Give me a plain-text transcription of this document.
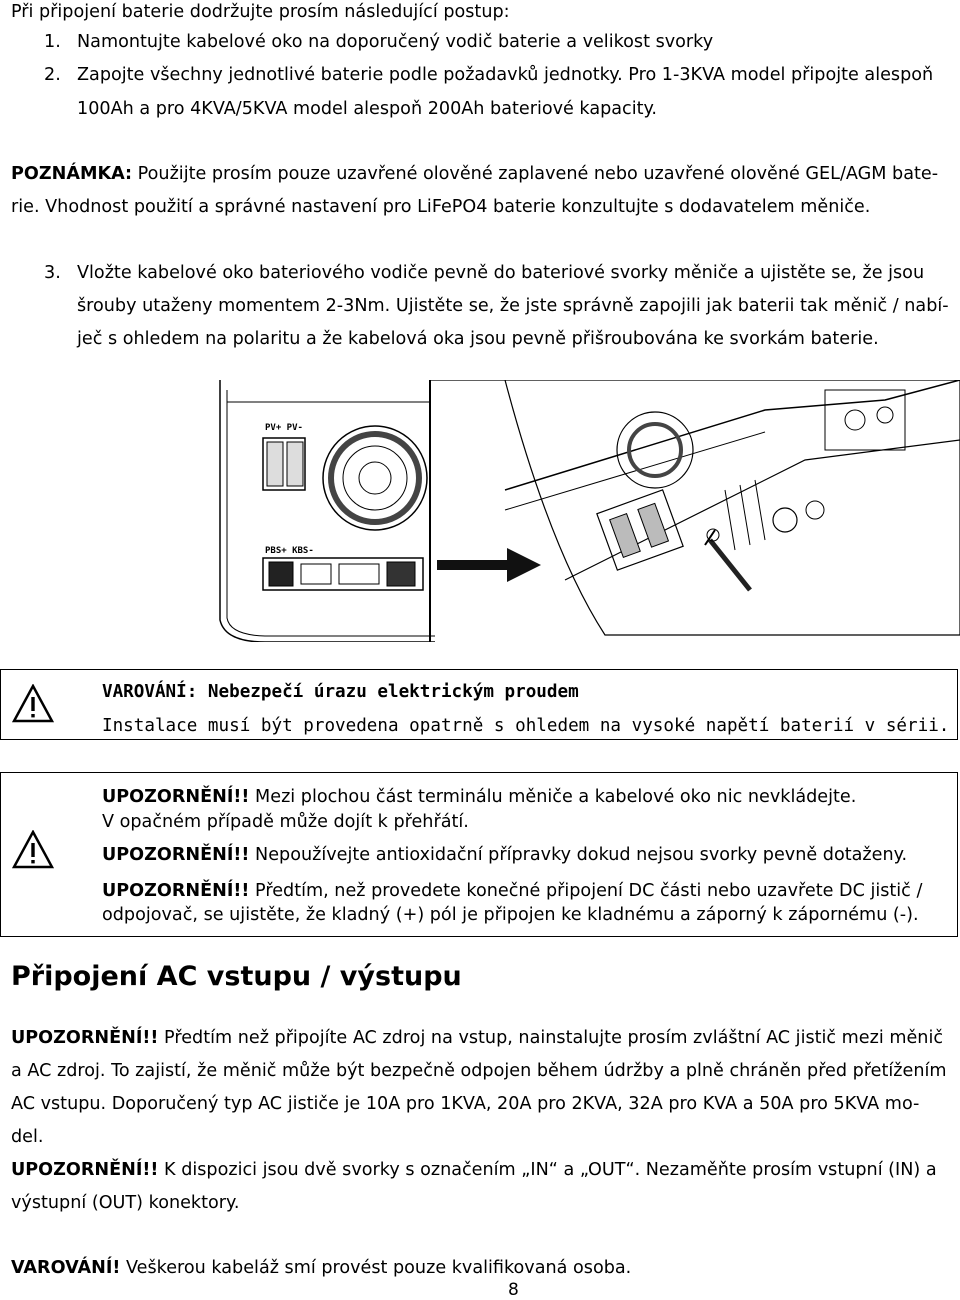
Při připojení baterie dodržujte prosím následující postup:
1. Namontujte kabelové oko na doporučený vodič baterie a velikost svorky
2. Zapojte všechny jednotlivé baterie podle požadavků jednotky. Pro 1-3KVA model připojte alespoň
100Ah a pro 4KVA/5KVA model alespoň 200Ah bateriové kapacity.
POZNÁMKA: Použijte prosím pouze uzavřené olověné zaplavené nebo uzavřené olověné GEL/AGM bate-
rie. Vhodnost použití a správné nastavení pro LiFePO4 baterie konzultujte s dodavatelem měniče.
3. Vložte kabelové oko bateriového vodiče pevně do bateriové svorky měniče a ujistěte se, že jsou
šrouby utaženy momentem 2-3Nm. Ujistěte se, že jste správně zapojili jak baterii tak měnič / nabí-
ječ s ohledem na polaritu a že kabelová oka jsou pevně přišroubována ke svorkám baterie.
PV+ PV-
PBS+ KBS-
VAROVÁNÍ: Nebezpečí úrazu elektrickým proudem
Instalace musí být provedena opatrně s ohledem na vysoké napětí baterií v sérii.
UPOZORNĚNÍ!! Mezi plochou část terminálu měniče a kabelové oko nic nevkládejte.
V opačném případě může dojít k přehřátí.
UPOZORNĚNÍ!! Nepoužívejte antioxidační přípravky dokud nejsou svorky pevně dotaženy.
UPOZORNĚNÍ!! Předtím, než provedete konečné připojení DC části nebo uzavřete DC jistič /
odpojovač, se ujistěte, že kladný (+) pól je připojen ke kladnému a záporný k zápornému (-).
Připojení AC vstupu / výstupu
UPOZORNĚNÍ!! Předtím než připojíte AC zdroj na vstup, nainstalujte prosím zvláštní AC jistič mezi měnič
a AC zdroj. To zajistí, že měnič může být bezpečně odpojen během údržby a plně chráněn před přetížením
AC vstupu. Doporučený typ AC jističe je 10A pro 1KVA, 20A pro 2KVA, 32A pro KVA a 50A pro 5KVA mo-
del.
UPOZORNĚNÍ!! K dispozici jsou dvě svorky s označením „IN“ a „OUT“. Nezaměňte prosím vstupní (IN) a
výstupní (OUT) konektory.
VAROVÁNÍ! Veškerou kabeláž smí provést pouze kvalifikovaná osoba.
8
